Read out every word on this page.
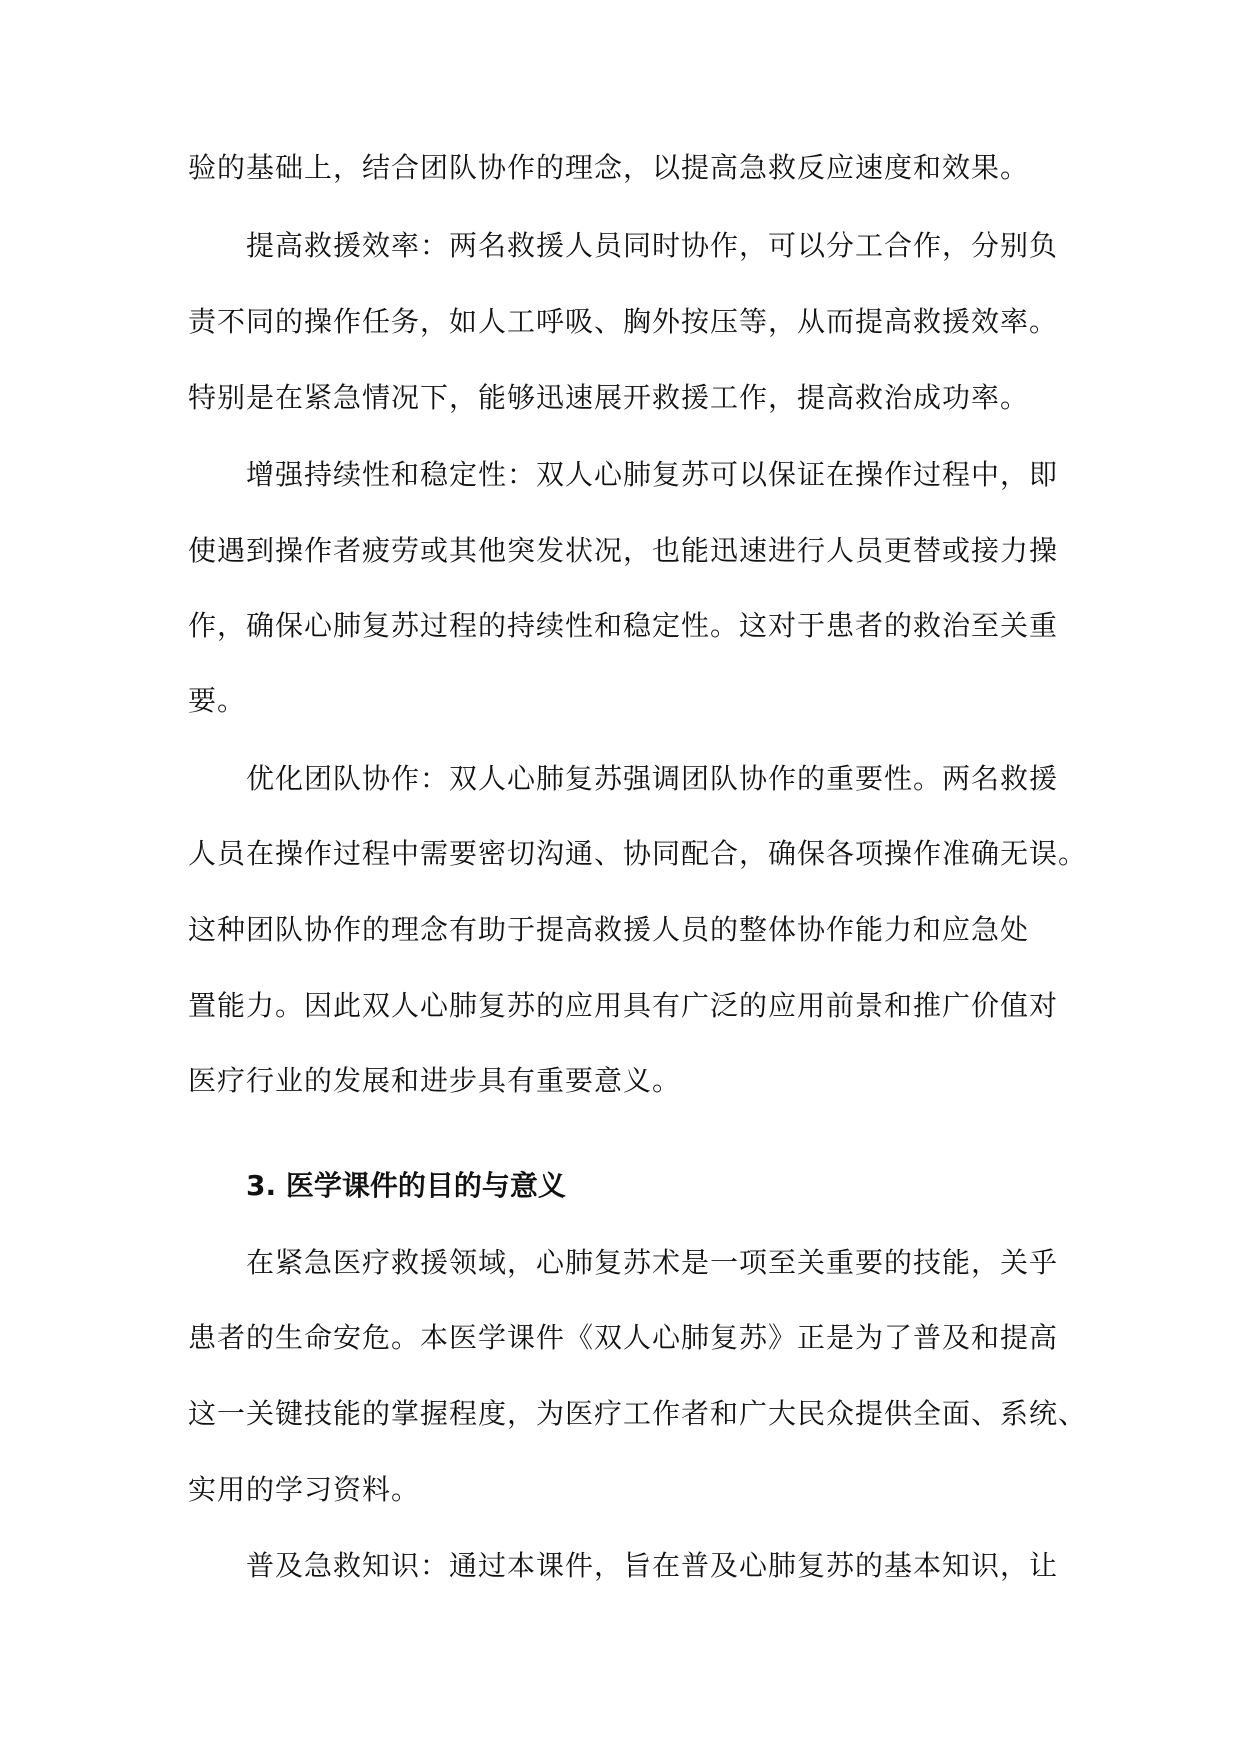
验的基础上，结合团队协作的理念，以提高急救反应速度和效果。
提高救援效率：两名救援人员同时协作，可以分工合作，分别负
责不同的操作任务，如人工呼吸、胸外按压等，从而提高救援效率。
特别是在紧急情况下，能够迅速展开救援工作，提高救治成功率。
增强持续性和稳定性：双人心肺复苏可以保证在操作过程中，即
使遇到操作者疲劳或其他突发状况，也能迅速进行人员更替或接力操
作，确保心肺复苏过程的持续性和稳定性。这对于患者的救治至关重
要。
优化团队协作：双人心肺复苏强调团队协作的重要性。两名救援
人员在操作过程中需要密切沟通、协同配合，确保各项操作准确无误。
这种团队协作的理念有助于提高救援人员的整体协作能力和应急处
置能力。因此双人心肺复苏的应用具有广泛的应用前景和推广价值对
医疗行业的发展和进步具有重要意义。
3. 医学课件的目的与意义
在紧急医疗救援领域，心肺复苏术是一项至关重要的技能，关乎
患者的生命安危。本医学课件《双人心肺复苏》正是为了普及和提高
这一关键技能的掌握程度，为医疗工作者和广大民众提供全面、系统、
实用的学习资料。
普及急救知识：通过本课件，旨在普及心肺复苏的基本知识，让
